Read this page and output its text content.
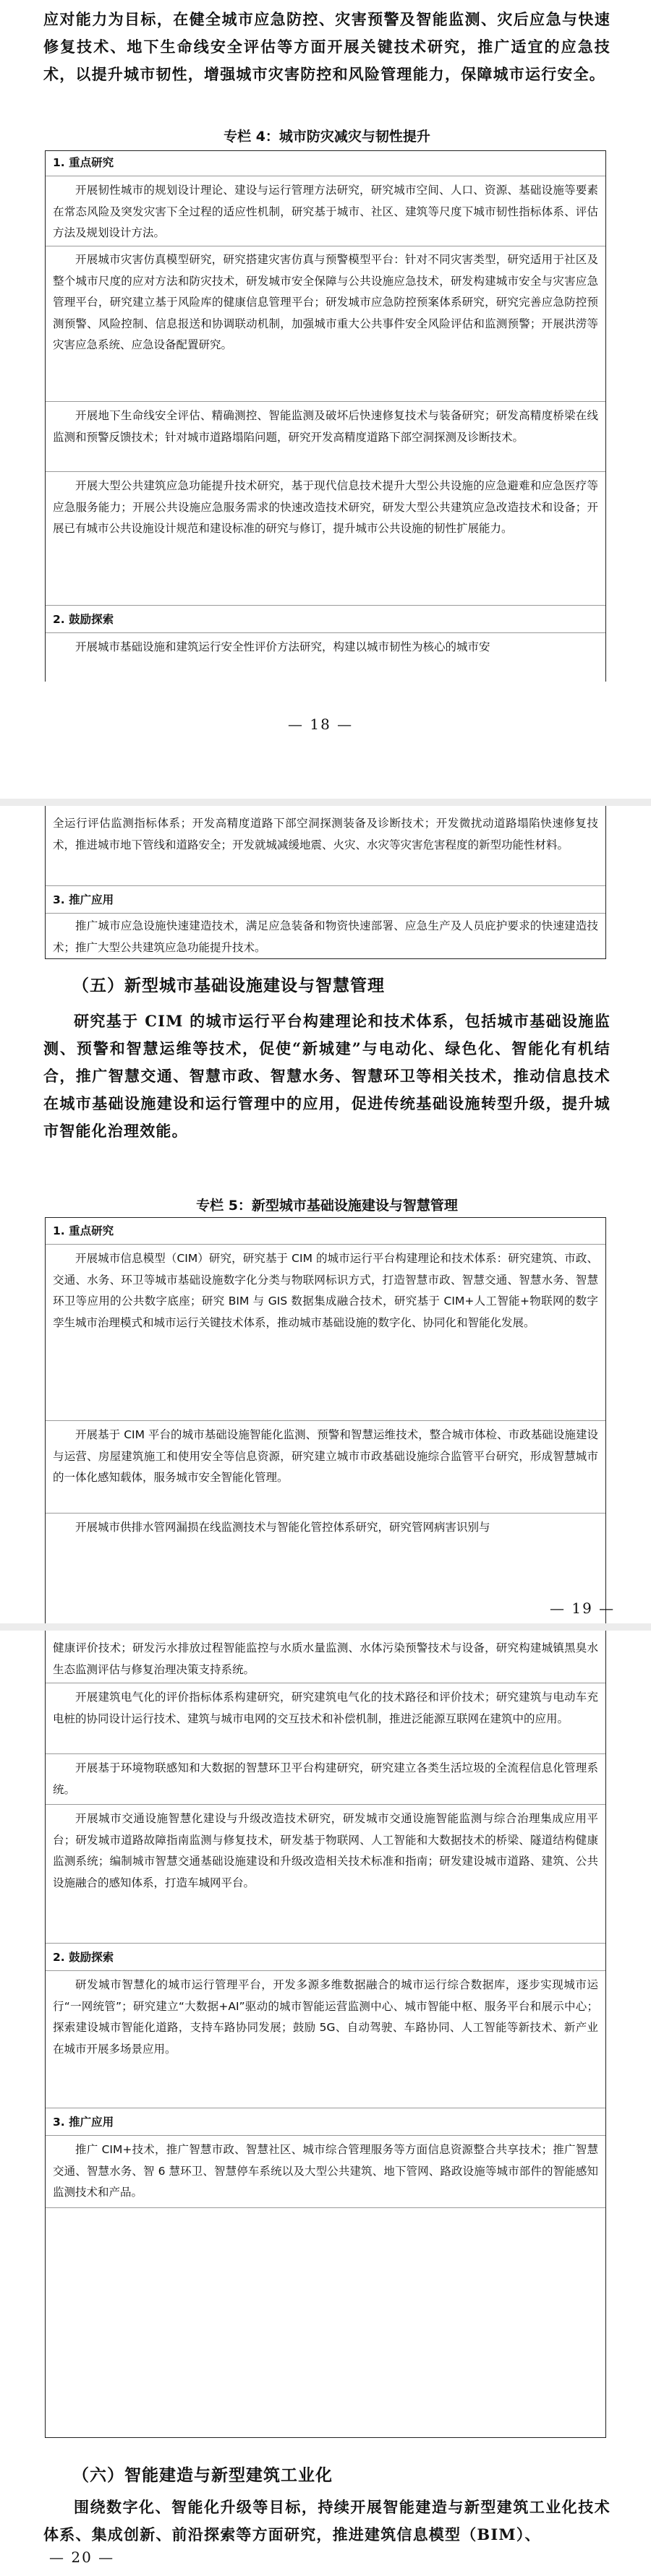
应对能力为目标，在健全城市应急防控、灾害预警及智能监测、灾后应急与快速修复技术、地下生命线安全评估等方面开展关键技术研究，推广适宜的应急技术，以提升城市韧性，增强城市灾害防控和风险管理能力，保障城市运行安全。

专栏 4：城市防灾减灾与韧性提升

1. 重点研究

开展韧性城市的规划设计理论、建设与运行管理方法研究，研究城市空间、人口、资源、基础设施等要素在常态风险及突发灾害下全过程的适应性机制，研究基于城市、社区、建筑等尺度下城市韧性指标体系、评估方法及规划设计方法。

开展城市灾害仿真模型研究，研究搭建灾害仿真与预警模型平台：针对不同灾害类型，研究适用于社区及整个城市尺度的应对方法和防灾技术，研发城市安全保障与公共设施应急技术，研发构建城市安全与灾害应急管理平台，研究建立基于风险库的健康信息管理平台；研发城市应急防控预案体系研究，研究完善应急防控预测预警、风险控制、信息报送和协调联动机制，加强城市重大公共事件安全风险评估和监测预警；开展洪涝等灾害应急系统、应急设备配置研究。

开展地下生命线安全评估、精确测控、智能监测及破坏后快速修复技术与装备研究；研发高精度桥梁在线监测和预警反馈技术；针对城市道路塌陷问题，研究开发高精度道路下部空洞探测及诊断技术。

开展大型公共建筑应急功能提升技术研究，基于现代信息技术提升大型公共设施的应急避难和应急医疗等应急服务能力；开展公共设施应急服务需求的快速改造技术研究，研发大型公共建筑应急改造技术和设备；开展已有城市公共设施设计规范和建设标准的研究与修订，提升城市公共设施的韧性扩展能力。

2. 鼓励探索

开展城市基础设施和建筑运行安全性评价方法研究，构建以城市韧性为核心的城市安

— 18 —

全运行评估监测指标体系；开发高精度道路下部空洞探测装备及诊断技术；开发微扰动道路塌陷快速修复技术，推进城市地下管线和道路安全；开发就城减缓地震、火灾、水灾等灾害危害程度的新型功能性材料。

3. 推广应用

推广城市应急设施快速建造技术，满足应急装备和物资快速部署、应急生产及人员庇护要求的快速建造技术；推广大型公共建筑应急功能提升技术。

（五）新型城市基础设施建设与智慧管理

研究基于 CIM 的城市运行平台构建理论和技术体系，包括城市基础设施监测、预警和智慧运维等技术，促使“新城建”与电动化、绿色化、智能化有机结合，推广智慧交通、智慧市政、智慧水务、智慧环卫等相关技术，推动信息技术在城市基础设施建设和运行管理中的应用，促进传统基础设施转型升级，提升城市智能化治理效能。

专栏 5：新型城市基础设施建设与智慧管理

1. 重点研究

开展城市信息模型（CIM）研究，研究基于 CIM 的城市运行平台构建理论和技术体系：研究建筑、市政、交通、水务、环卫等城市基础设施数字化分类与物联网标识方式，打造智慧市政、智慧交通、智慧水务、智慧环卫等应用的公共数字底座；研究 BIM 与 GIS 数据集成融合技术，研究基于 CIM+人工智能+物联网的数字孪生城市治理模式和城市运行关键技术体系，推动城市基础设施的数字化、协同化和智能化发展。

开展基于 CIM 平台的城市基础设施智能化监测、预警和智慧运维技术，整合城市体检、市政基础设施建设与运营、房屋建筑施工和使用安全等信息资源，研究建立城市市政基础设施综合监管平台研究，形成智慧城市的一体化感知载体，服务城市安全智能化管理。

开展城市供排水管网漏损在线监测技术与智能化管控体系研究，研究管网病害识别与

— 19 —

健康评价技术；研发污水排放过程智能监控与水质水量监测、水体污染预警技术与设备，研究构建城镇黑臭水生态监测评估与修复治理决策支持系统。

开展建筑电气化的评价指标体系构建研究，研究建筑电气化的技术路径和评价技术；研究建筑与电动车充电桩的协同设计运行技术、建筑与城市电网的交互技术和补偿机制，推进泛能源互联网在建筑中的应用。

开展基于环境物联感知和大数据的智慧环卫平台构建研究，研究建立各类生活垃圾的全流程信息化管理系统。

开展城市交通设施智慧化建设与升级改造技术研究，研发城市交通设施智能监测与综合治理集成应用平台；研发城市道路故障指南监测与修复技术，研发基于物联网、人工智能和大数据技术的桥梁、隧道结构健康监测系统；编制城市智慧交通基础设施建设和升级改造相关技术标准和指南；研发建设城市道路、建筑、公共设施融合的感知体系，打造车城网平台。

2. 鼓励探索

研发城市智慧化的城市运行管理平台，开发多源多维数据融合的城市运行综合数据库，逐步实现城市运行“一网统管”；研究建立“大数据+AI”驱动的城市智能运营监测中心、城市智能中枢、服务平台和展示中心；探索建设城市智能化道路，支持车路协同发展；鼓励 5G、自动驾驶、车路协同、人工智能等新技术、新产业在城市开展多场景应用。

3. 推广应用

推广 CIM+技术，推广智慧市政、智慧社区、城市综合管理服务等方面信息资源整合共享技术；推广智慧交通、智慧水务、智 6 慧环卫、智慧停车系统以及大型公共建筑、地下管网、路政设施等城市部件的智能感知监测技术和产品。

（六）智能建造与新型建筑工业化

围绕数字化、智能化升级等目标，持续开展智能建造与新型建筑工业化技术体系、集成创新、前沿探索等方面研究，推进建筑信息模型（BIM）、

— 20 —
